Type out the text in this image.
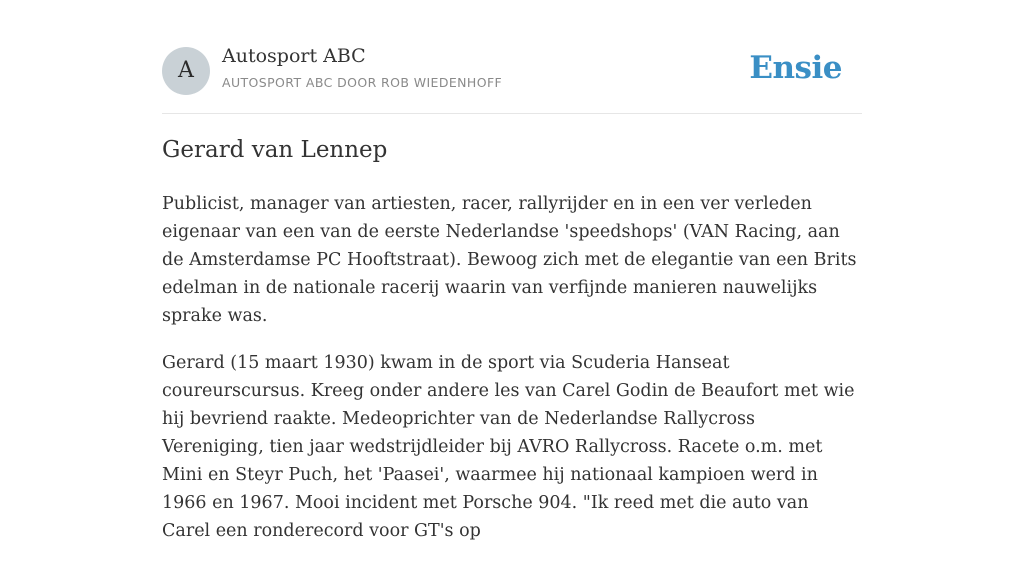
A
Autosport ABC
AUTOSPORT ABC DOOR ROB WIEDENHOFF	Ensie
Gerard van Lennep

Publicist, manager van artiesten, racer, rallyrijder en in een ver verleden eigenaar van een van de eerste Nederlandse 'speedshops' (VAN Racing, aan de Amsterdamse PC Hooftstraat). Bewoog zich met de elegantie van een Brits edelman in de nationale racerij waarin van verfijnde manieren nauwelijks sprake was.

Gerard (15 maart 1930) kwam in de sport via Scuderia Hanseat coureurscursus. Kreeg onder andere les van Carel Godin de Beaufort met wie hij bevriend raakte. Medeoprichter van de Nederlandse Rallycross Vereniging, tien jaar wedstrijdleider bij AVRO Rallycross. Racete o.m. met Mini en Steyr Puch, het 'Paasei', waarmee hij nationaal kampioen werd in 1966 en 1967. Mooi incident met Porsche 904. "Ik reed met die auto van Carel een ronderecord voor GT's op
